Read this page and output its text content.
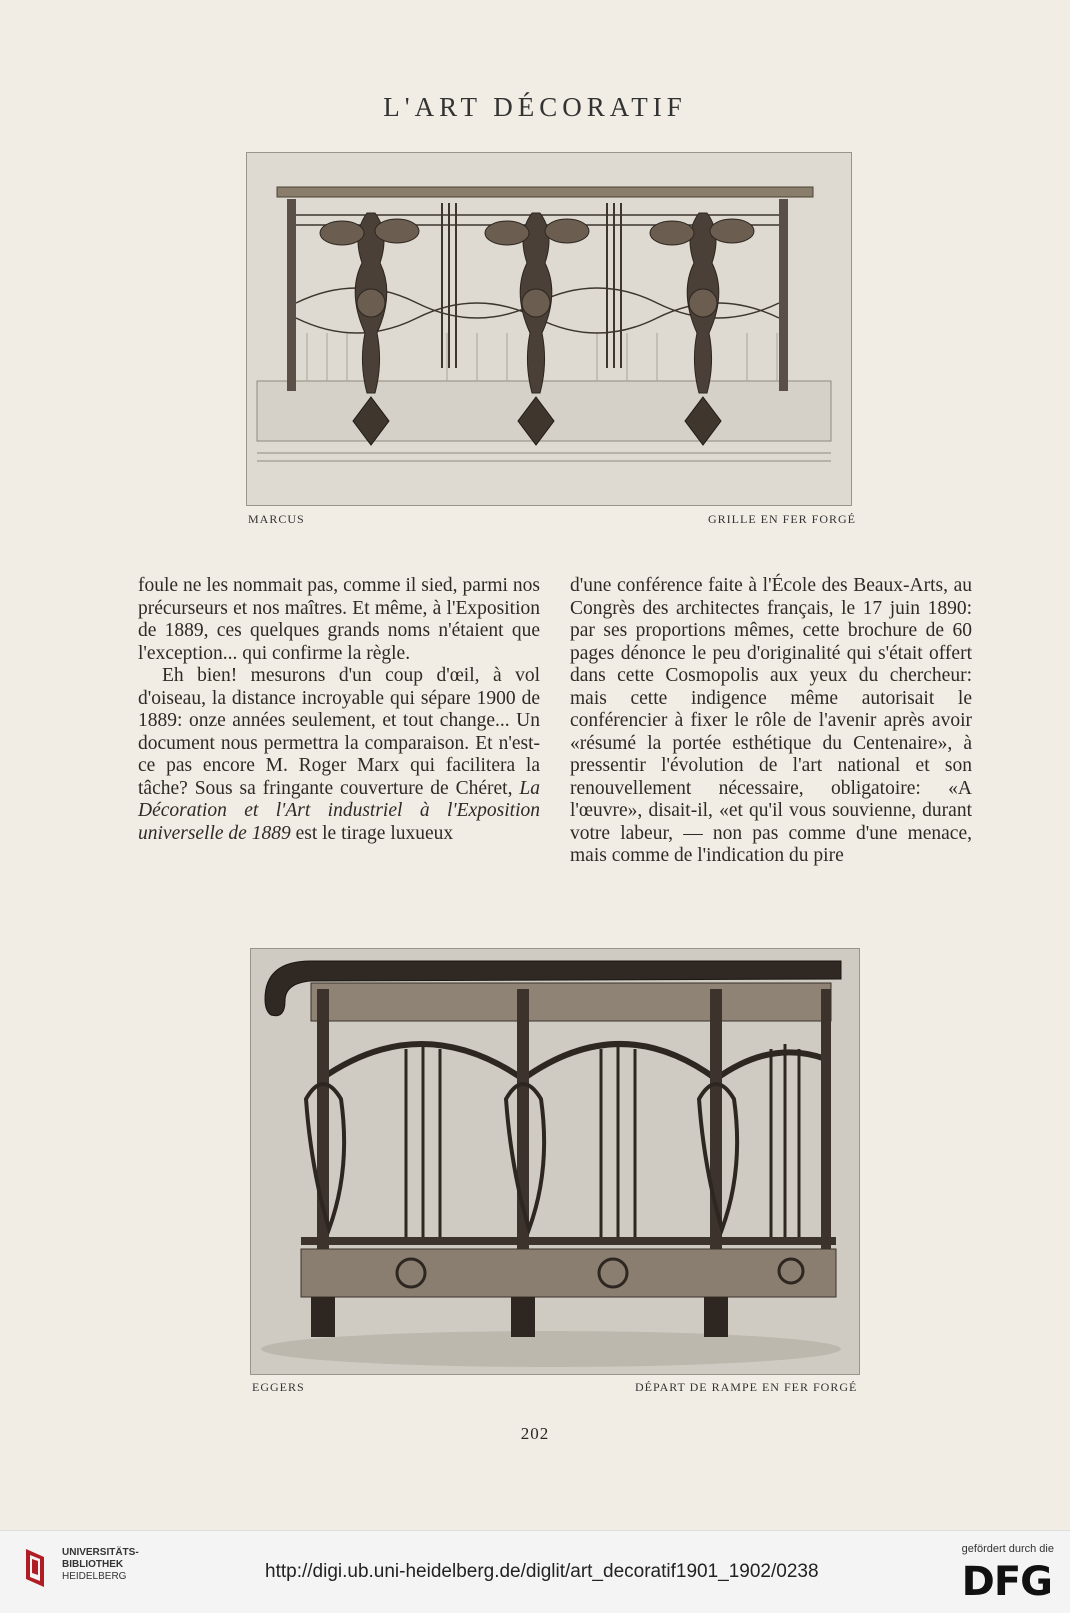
L'ART DÉCORATIF
MARCUS	GRILLE EN FER FORGÉ

foule ne les nommait pas, comme il sied, parmi nos précurseurs et nos maîtres. Et même, à l'Exposition de 1889, ces quelques grands noms n'étaient que l'exception... qui confirme la règle.

Eh bien! mesurons d'un coup d'œil, à vol d'oiseau, la distance incroyable qui sépare 1900 de 1889: onze années seulement, et tout change... Un document nous permettra la comparaison. Et n'est-ce pas encore M. Roger Marx qui facilitera la tâche? Sous sa fringante couverture de Chéret, La Décoration et l'Art industriel à l'Exposition universelle de 1889 est le tirage luxueux

d'une conférence faite à l'École des Beaux-Arts, au Congrès des architectes français, le 17 juin 1890: par ses proportions mêmes, cette brochure de 60 pages dénonce le peu d'originalité qui s'était offert dans cette Cosmopolis aux yeux du chercheur: mais cette indigence même autorisait le conférencier à fixer le rôle de l'avenir après avoir «résumé la portée esthétique du Centenaire», à pressentir l'évolution de l'art national et son renouvellement nécessaire, obligatoire: «A l'œuvre», disait-il, «et qu'il vous souvienne, durant votre labeur, — non pas comme d'une menace, mais comme de l'indication du pire

EGGERS	DÉPART DE RAMPE EN FER FORGÉ
202
UNIVERSITÄTS-
BIBLIOTHEK
HEIDELBERG	http://digi.ub.uni-heidelberg.de/diglit/art_decoratif1901_1902/0238
gefördert durch die
DFG
